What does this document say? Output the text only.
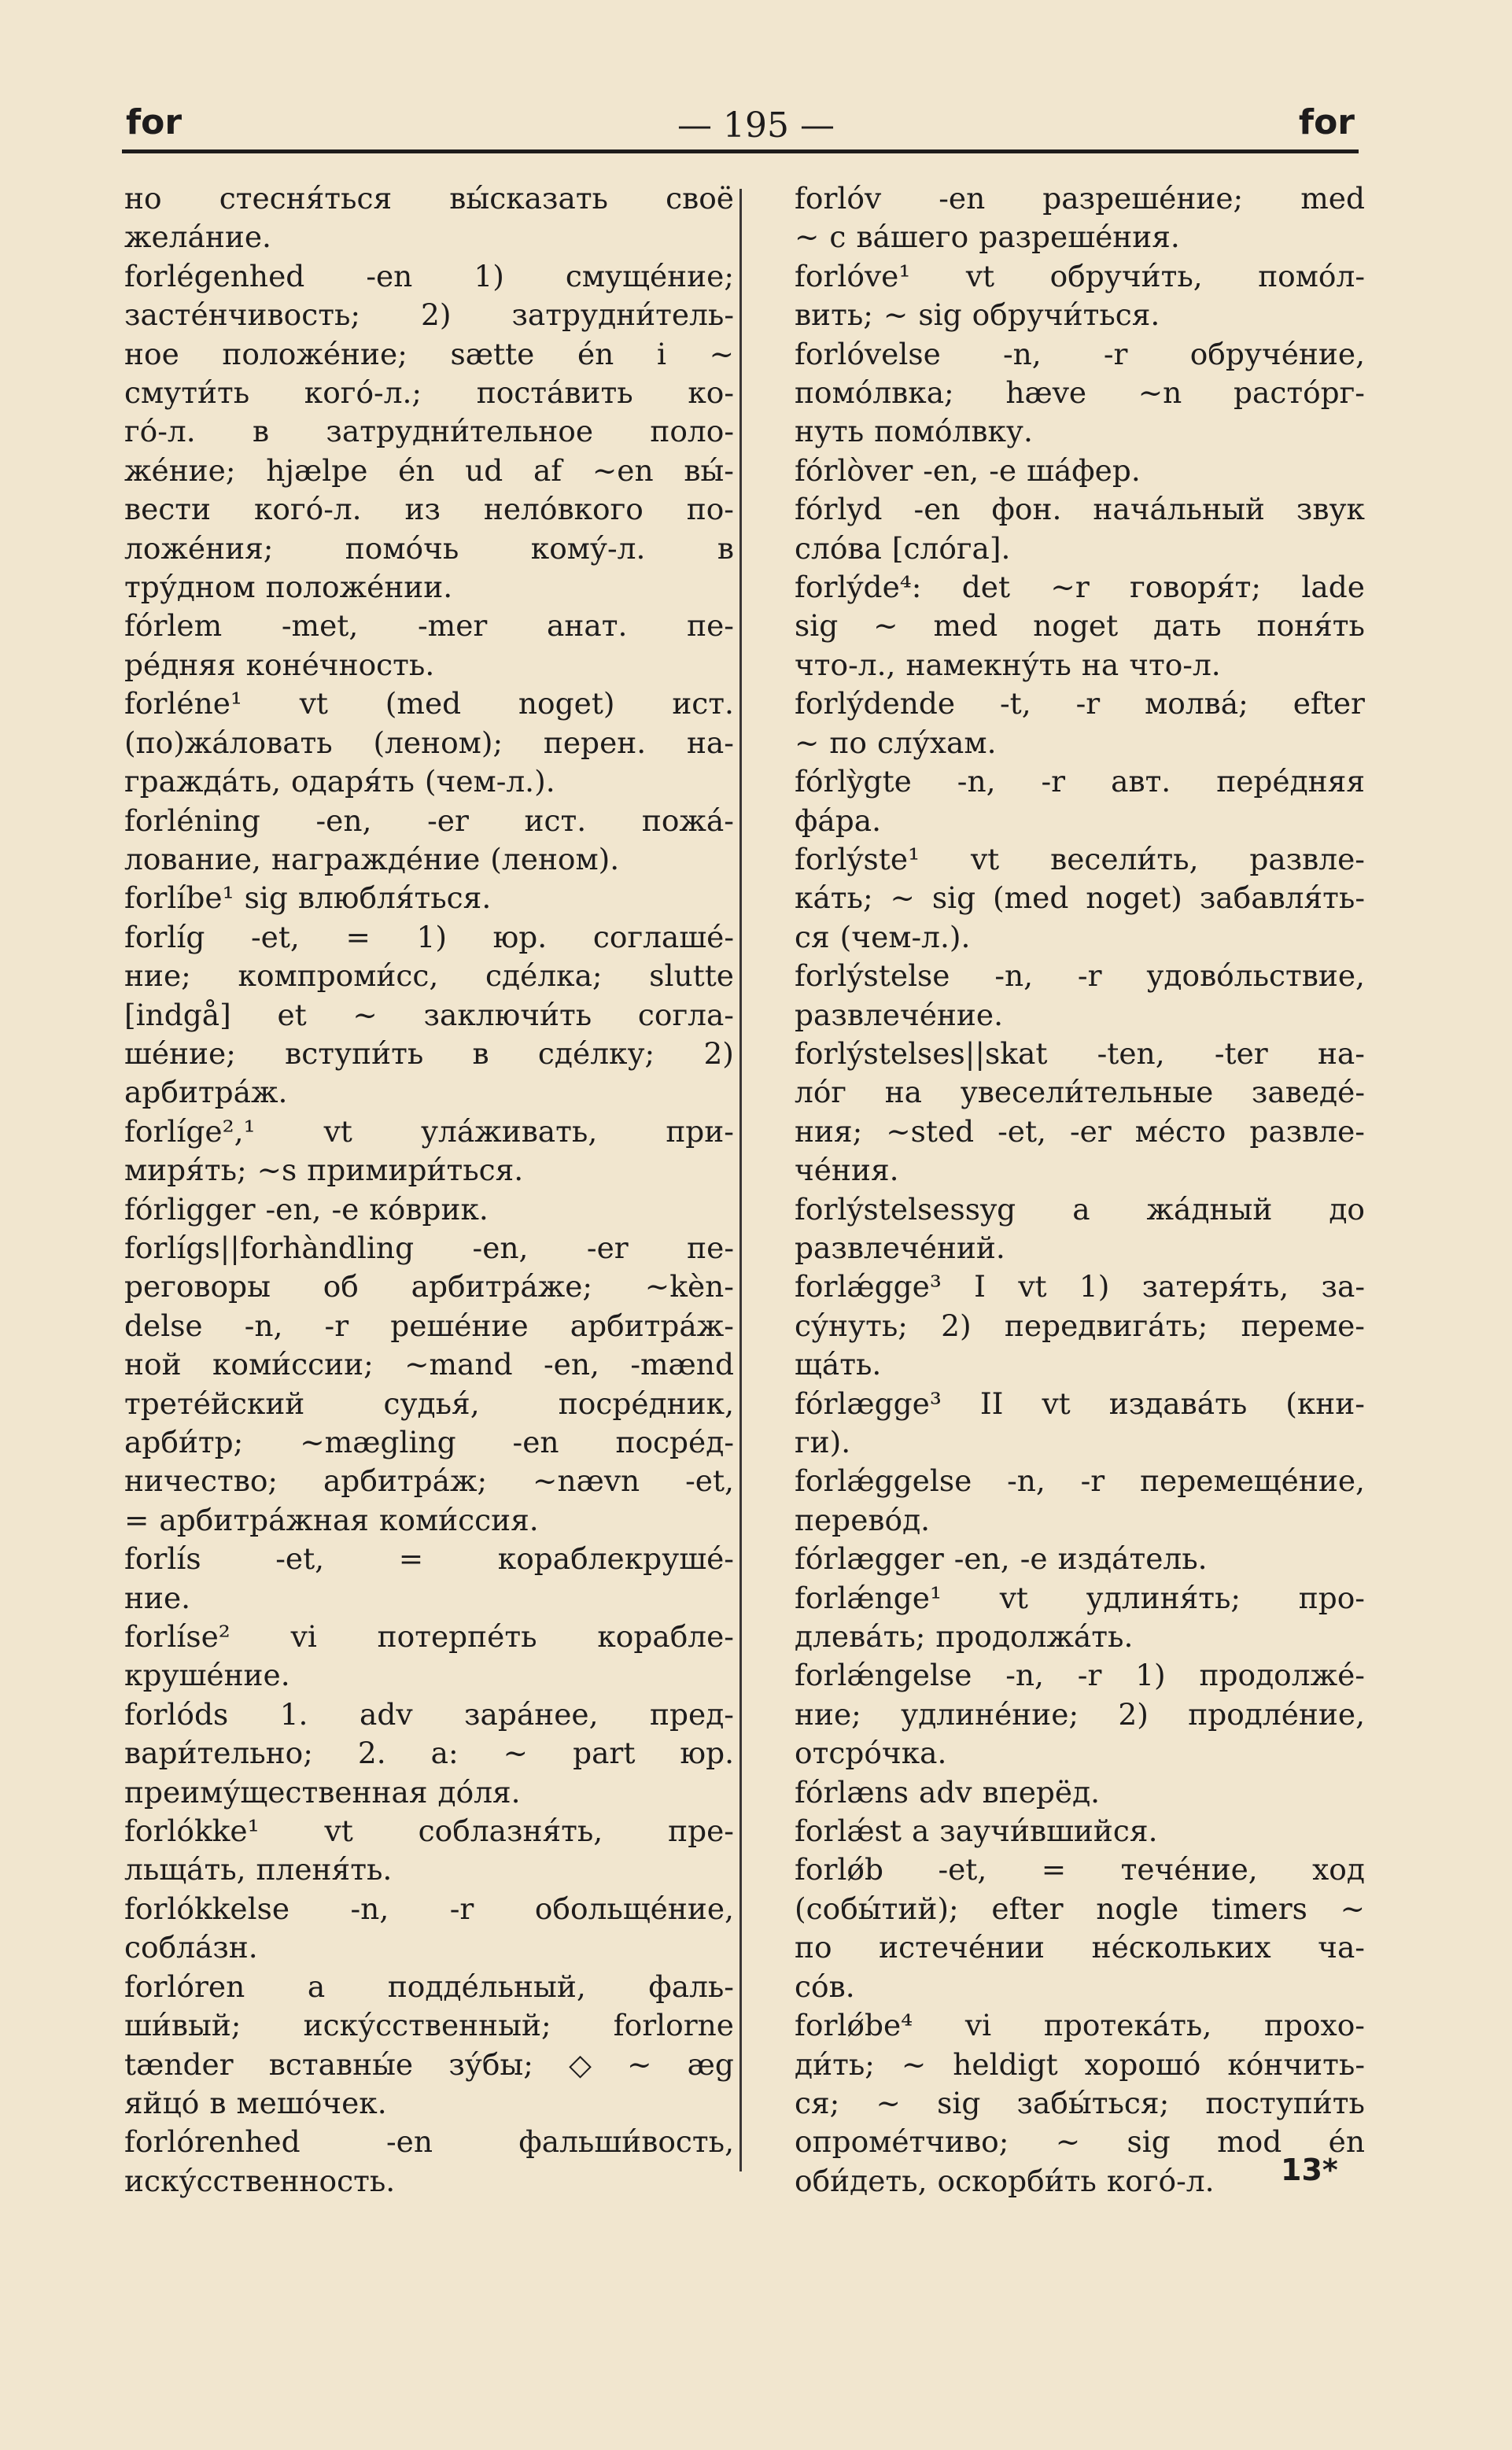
for	— 195 —	for
но стесня́ться вы́сказать своё
жела́ние.
forlégenhed -en 1) смуще́ние;
засте́нчивость; 2) затрудни́тель-
ное положе́ние; sætte én i ~
смути́ть кого́-л.; поста́вить ко-
го́-л. в затрудни́тельное поло-
же́ние; hjælpe én ud af ~en вы́-
вести кого́-л. из нело́вкого по-
ложе́ния; помо́чь кому́-л. в
тру́дном положе́нии.
fórlem -met, -mer анат. пе-
ре́дняя коне́чность.
forléne¹ vt (med noget) ист.
(по)жа́ловать (леном); перен. на-
гражда́ть, одаря́ть (чем-л.).
forléning -en, -er ист. пожа́-
лование, награжде́ние (леном).
forlíbe¹ sig влюбля́ться.
forlíg -et, = 1) юр. соглаше́-
ние; компроми́сс, сде́лка; slutte
[indgå] et ~ заключи́ть согла-
ше́ние; вступи́ть в сде́лку; 2)
арбитра́ж.
forlíge²,¹ vt ула́живать, при-
миря́ть; ~s примири́ться.
fórligger -en, -e ко́врик.
forlígs||forhàndling -en, -er пе-
реговоры об арбитра́же; ~kèn-
delse -n, -r реше́ние арбитра́ж-
ной коми́ссии; ~mand -en, -mænd
трете́йский	судья́,	посре́дник,
арби́тр; ~mægling -en посре́д-
ничество; арбитра́ж; ~nævn -et,
= арбитра́жная коми́ссия.
forlís	-et,	=	кораблекруше́-
ние.
forlíse² vi потерпе́ть корабле-
круше́ние.
forlóds 1. adv зара́нее, пред-
вари́тельно; 2. a: ~ part юр.
преиму́щественная до́ля.
forlókke¹ vt соблазня́ть, пре-
льща́ть, пленя́ть.
forlókkelse -n, -r обольще́ние,
собла́зн.
forlóren a подде́льный, фаль-
ши́вый; иску́сственный; forlorne
tænder вставны́е зу́бы; ◇ ~ æg
яйцо́ в мешо́чек.
forlórenhed	-en	фальши́вость,
иску́сственность.
forlóv -en разреше́ние; med
~ с ва́шего разреше́ния.
forlóve¹ vt обручи́ть, помо́л-
вить; ~ sig обручи́ться.
forlóvelse -n, -r обруче́ние,
помо́лвка; hæve ~n растóрг-
нуть помо́лвку.
fórlòver -en, -e ша́фер.
fórlyd -en фон. нача́льный звук
сло́ва [сло́га].
forlýde⁴: det ~r говоря́т; lade
sig ~ med noget дать поня́ть
что-л., намекну́ть на что-л.
forlýdende -t, -r молва́; efter
~ по слу́хам.
fórlỳgte -n, -r авт. пере́дняя
фа́ра.
forlýste¹ vt весели́ть, развле-
ка́ть; ~ sig (med noget) забавля́ть-
ся (чем-л.).
forlýstelse -n, -r удово́льствие,
развлече́ние.
forlýstelses||skat -ten, -ter на-
ло́г на увесели́тельные заведе́-
ния; ~sted -et, -er ме́сто развле-
че́ния.
forlýstelsessyg a жа́дный до
развлече́ний.
forlǽgge³ I vt 1) затеря́ть, за-
су́нуть; 2) передвига́ть; переме-
ща́ть.
fórlægge³ II vt издава́ть (кни-
ги).
forlǽggelse -n, -r перемеще́ние,
перево́д.
fórlægger -en, -e изда́тель.
forlǽnge¹ vt удлиня́ть; про-
длева́ть; продолжа́ть.
forlǽngelse -n, -r 1) продолже́-
ние; удлине́ние; 2) продле́ние,
отсро́чка.
fórlæns adv вперёд.
forlǽst a заучи́вшийся.
forlǿb -et, = тече́ние, ход
(собы́тий); efter nogle timers ~
по истече́нии не́скольких ча-
со́в.
forlǿbe⁴ vi протека́ть, прохо-
ди́ть; ~ heldigt хорошо́ ко́нчить-
ся; ~ sig забы́ться; поступи́ть
опроме́тчиво; ~ sig mod én
оби́деть, оскорби́ть кого́-л. 13*
